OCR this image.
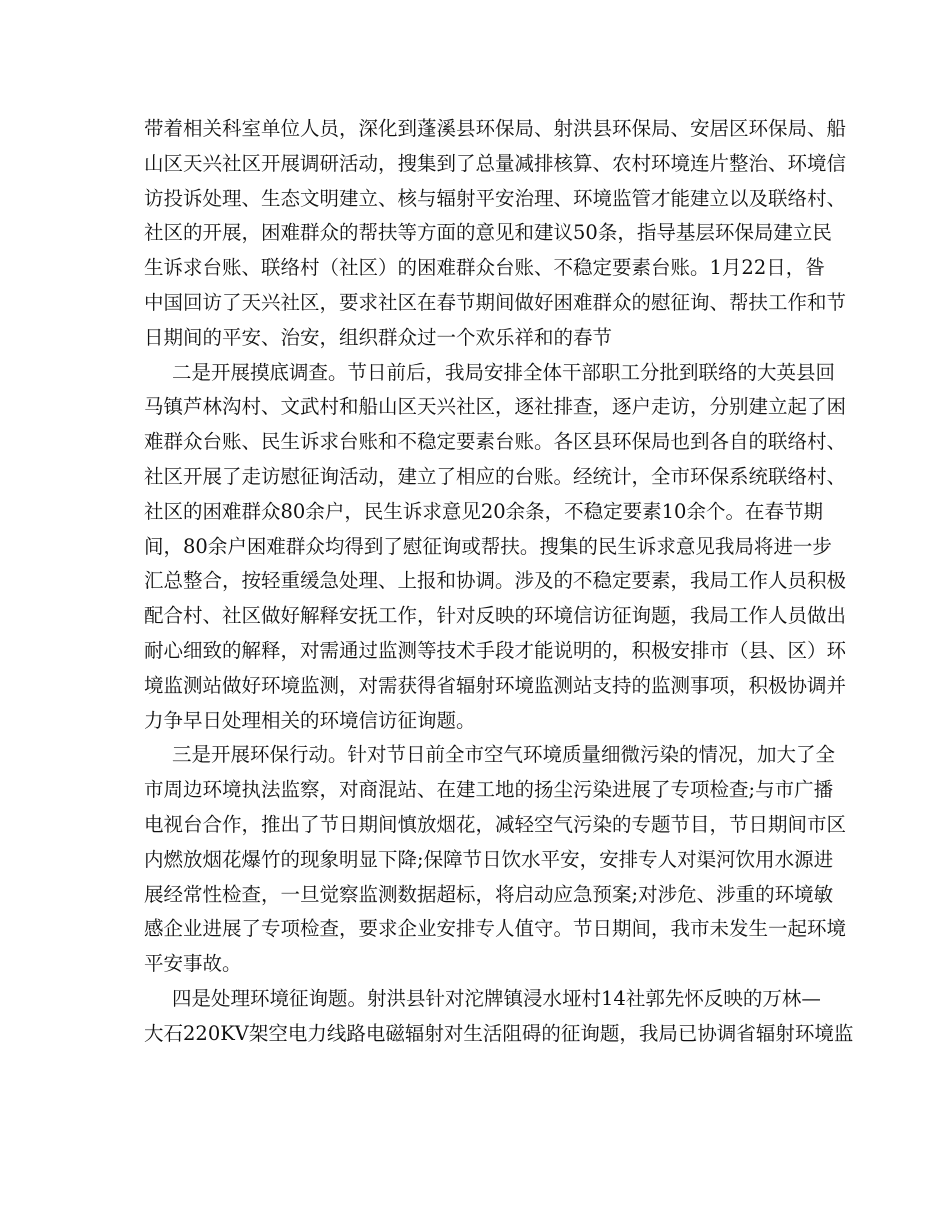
带着相关科室单位人员，深化到蓬溪县环保局、射洪县环保局、安居区环保局、船
山区天兴社区开展调研活动，搜集到了总量减排核算、农村环境连片整治、环境信
访投诉处理、生态文明建立、核与辐射平安治理、环境监管才能建立以及联络村、
社区的开展，困难群众的帮扶等方面的意见和建议50条，指导基层环保局建立民
生诉求台账、联络村（社区）的困难群众台账、不稳定要素台账。1月22日，昝
中国回访了天兴社区，要求社区在春节期间做好困难群众的慰征询、帮扶工作和节
日期间的平安、治安，组织群众过一个欢乐祥和的春节
二是开展摸底调查。节日前后，我局安排全体干部职工分批到联络的大英县回
马镇芦林沟村、文武村和船山区天兴社区，逐社排查，逐户走访，分别建立起了困
难群众台账、民生诉求台账和不稳定要素台账。各区县环保局也到各自的联络村、
社区开展了走访慰征询活动，建立了相应的台账。经统计，全市环保系统联络村、
社区的困难群众80余户，民生诉求意见20余条，不稳定要素10余个。在春节期
间，80余户困难群众均得到了慰征询或帮扶。搜集的民生诉求意见我局将进一步
汇总整合，按轻重缓急处理、上报和协调。涉及的不稳定要素，我局工作人员积极
配合村、社区做好解释安抚工作，针对反映的环境信访征询题，我局工作人员做出
耐心细致的解释，对需通过监测等技术手段才能说明的，积极安排市（县、区）环
境监测站做好环境监测，对需获得省辐射环境监测站支持的监测事项，积极协调并
力争早日处理相关的环境信访征询题。
三是开展环保行动。针对节日前全市空气环境质量细微污染的情况，加大了全
市周边环境执法监察，对商混站、在建工地的扬尘污染进展了专项检查;与市广播
电视台合作，推出了节日期间慎放烟花，减轻空气污染的专题节目，节日期间市区
内燃放烟花爆竹的现象明显下降;保障节日饮水平安，安排专人对渠河饮用水源进
展经常性检查，一旦觉察监测数据超标，将启动应急预案;对涉危、涉重的环境敏
感企业进展了专项检查，要求企业安排专人值守。节日期间，我市未发生一起环境
平安事故。
四是处理环境征询题。射洪县针对沱牌镇浸水垭村14社郭先怀反映的万林—
大石220KV架空电力线路电磁辐射对生活阻碍的征询题，我局已协调省辐射环境监
